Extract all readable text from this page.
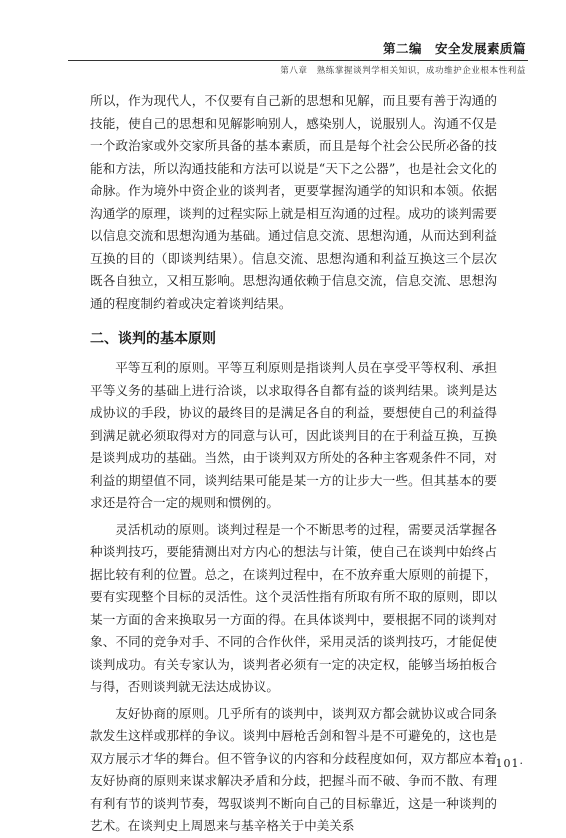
第二编　安全发展素质篇
第八章　熟练掌握谈判学相关知识，成功维护企业根本性利益

所以，作为现代人，不仅要有自己新的思想和见解，而且要有善于沟通的技能，使自己的思想和见解影响别人，感染别人，说服别人。沟通不仅是一个政治家或外交家所具备的基本素质，而且是每个社会公民所必备的技能和方法，所以沟通技能和方法可以说是“天下之公器”，也是社会文化的命脉。作为境外中资企业的谈判者，更要掌握沟通学的知识和本领。依据沟通学的原理，谈判的过程实际上就是相互沟通的过程。成功的谈判需要以信息交流和思想沟通为基础。通过信息交流、思想沟通，从而达到利益互换的目的（即谈判结果）。信息交流、思想沟通和利益互换这三个层次既各自独立，又相互影响。思想沟通依赖于信息交流，信息交流、思想沟通的程度制约着或决定着谈判结果。

二、谈判的基本原则

平等互利的原则。平等互利原则是指谈判人员在享受平等权利、承担平等义务的基础上进行洽谈，以求取得各自都有益的谈判结果。谈判是达成协议的手段，协议的最终目的是满足各自的利益，要想使自己的利益得到满足就必须取得对方的同意与认可，因此谈判目的在于利益互换，互换是谈判成功的基础。当然，由于谈判双方所处的各种主客观条件不同，对利益的期望值不同，谈判结果可能是某一方的让步大一些。但其基本的要求还是符合一定的规则和惯例的。

灵活机动的原则。谈判过程是一个不断思考的过程，需要灵活掌握各种谈判技巧，要能猜测出对方内心的想法与计策，使自己在谈判中始终占据比较有利的位置。总之，在谈判过程中，在不放弃重大原则的前提下，要有实现整个目标的灵活性。这个灵活性指有所取有所不取的原则，即以某一方面的舍来换取另一方面的得。在具体谈判中，要根据不同的谈判对象、不同的竞争对手、不同的合作伙伴，采用灵活的谈判技巧，才能促使谈判成功。有关专家认为，谈判者必须有一定的决定权，能够当场拍板合与得，否则谈判就无法达成协议。

友好协商的原则。几乎所有的谈判中，谈判双方都会就协议或合同条款发生这样或那样的争议。谈判中唇枪舌剑和智斗是不可避免的，这也是双方展示才华的舞台。但不管争议的内容和分歧程度如何，双方都应本着友好协商的原则来谋求解决矛盾和分歧，把握斗而不破、争而不散、有理有利有节的谈判节奏，驾驭谈判不断向自己的目标靠近，这是一种谈判的艺术。在谈判史上周恩来与基辛格关于中美关系

·101·
